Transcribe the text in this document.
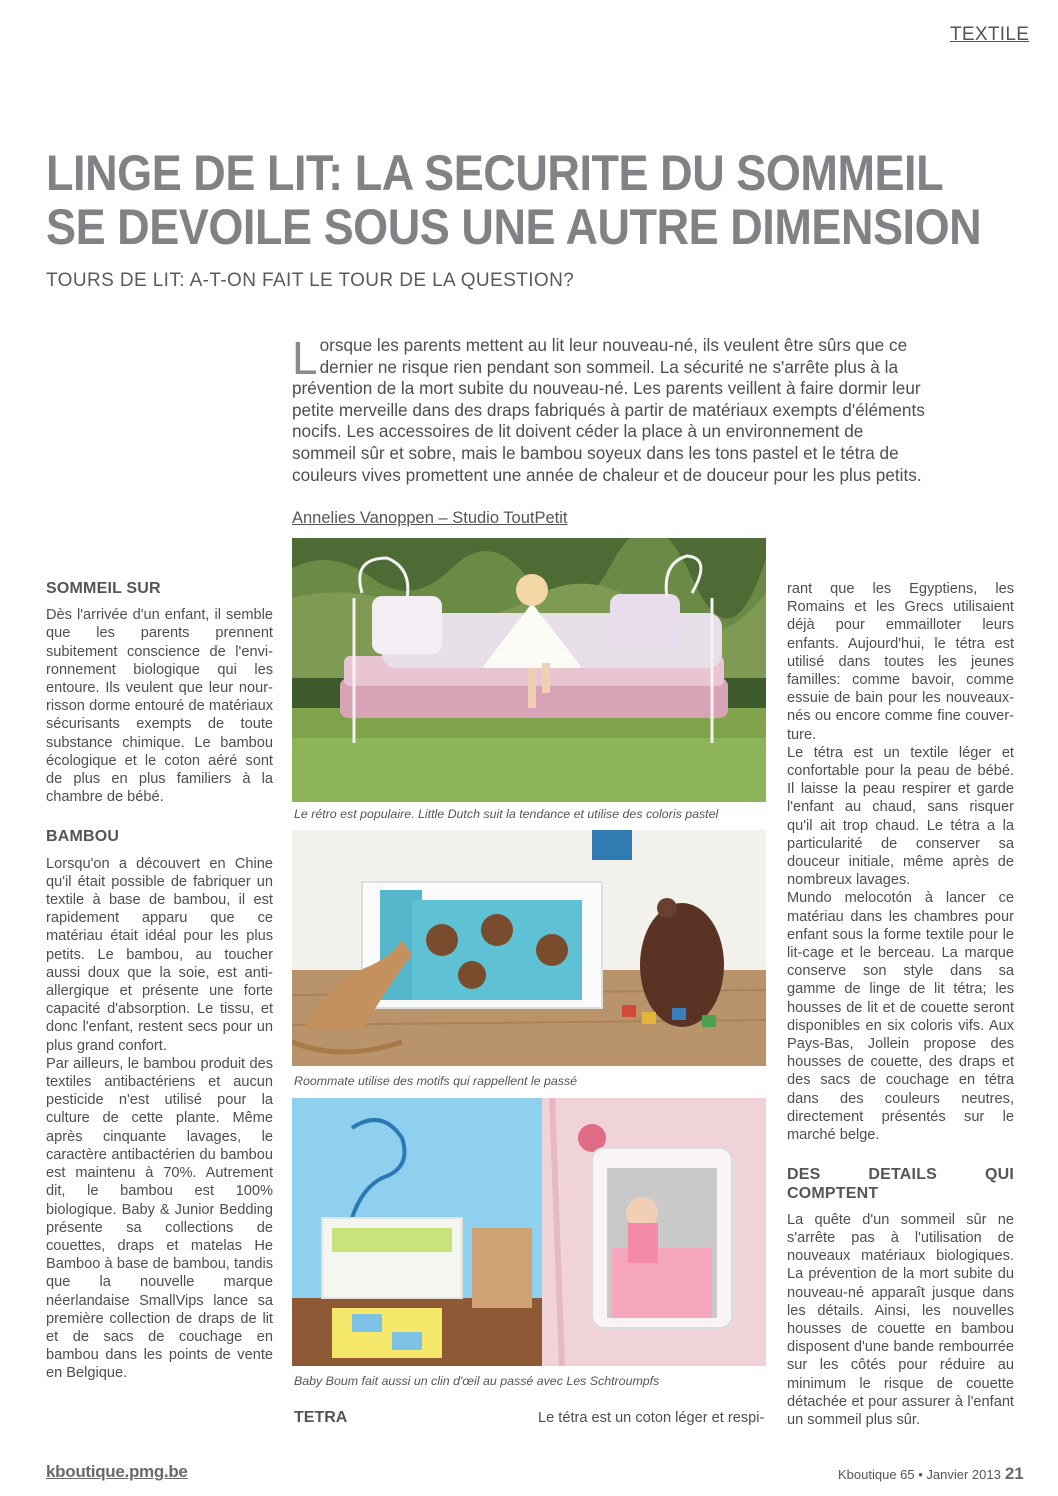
TEXTILE
LINGE DE LIT: LA SECURITE DU SOMMEIL
SE DEVOILE SOUS UNE AUTRE DIMENSION
TOURS DE LIT: A-T-ON FAIT LE TOUR DE LA QUESTION?
Lorsque les parents mettent au lit leur nouveau-né, ils veulent être sûrs que ce dernier ne risque rien pendant son sommeil. La sécurité ne s'arrête plus à la prévention de la mort subite du nouveau-né. Les parents veillent à faire dormir leur petite merveille dans des draps fabriqués à partir de matériaux exempts d'éléments nocifs. Les accessoires de lit doivent céder la place à un environnement de sommeil sûr et sobre, mais le bambou soyeux dans les tons pastel et le tétra de couleurs vives promettent une année de chaleur et de douceur pour les plus petits.
Annelies Vanoppen – Studio ToutPetit
SOMMEIL SUR

Dès l'arrivée d'un enfant, il semble que les parents prennent subitement conscience de l'environnement biologique qui les entoure. Ils veulent que leur nourrisson dorme entouré de matériaux sécurisants exempts de toute substance chimique. Le bambou écologique et le coton aéré sont de plus en plus familiers à la chambre de bébé.

BAMBOU

Lorsqu'on a découvert en Chine qu'il était possible de fabriquer un textile à base de bambou, il est rapidement apparu que ce matériau était idéal pour les plus petits. Le bambou, au toucher aussi doux que la soie, est antiallergique et présente une forte capacité d'absorption. Le tissu, et donc l'enfant, restent secs pour un plus grand confort.

Par ailleurs, le bambou produit des textiles antibactériens et aucun pesticide n'est utilisé pour la culture de cette plante. Même après cinquante lavages, le caractère antibactérien du bambou est maintenu à 70%. Autrement dit, le bambou est 100% biologique. Baby & Junior Bedding présente sa collections de couettes, draps et matelas He Bamboo à base de bambou, tandis que la nouvelle marque néerlandaise SmallVips lance sa première collection de draps de lit et de sacs de couchage en bambou dans les points de vente en Belgique.

Le rétro est populaire. Little Dutch suit la tendance et utilise des coloris pastel
Roommate utilise des motifs qui rappellent le passé
Baby Boum fait aussi un clin d'œil au passé avec Les Schtroumpfs
TETRA	Le tétra est un coton léger et respi-

rant que les Egyptiens, les Romains et les Grecs utilisaient déjà pour emmailloter leurs enfants. Aujourd'hui, le tétra est utilisé dans toutes les jeunes familles: comme bavoir, comme essuie de bain pour les nouveauxnés ou encore comme fine couverture.

Le tétra est un textile léger et confortable pour la peau de bébé. Il laisse la peau respirer et garde l'enfant au chaud, sans risquer qu'il ait trop chaud. Le tétra a la particularité de conserver sa douceur initiale, même après de nombreux lavages.

Mundo melocotón à lancer ce matériau dans les chambres pour enfant sous la forme textile pour le lit-cage et le berceau. La marque conserve son style dans sa gamme de linge de lit tétra; les housses de lit et de couette seront disponibles en six coloris vifs. Aux Pays-Bas, Jollein propose des housses de couette, des draps et des sacs de couchage en tétra dans des couleurs neutres, directement présentés sur le marché belge.

DES DETAILS QUI COMPTENT

La quête d'un sommeil sûr ne s'arrête pas à l'utilisation de nouveaux matériaux biologiques. La prévention de la mort subite du nouveau-né apparaît jusque dans les détails. Ainsi, les nouvelles housses de couette en bambou disposent d'une bande rembourrée sur les côtés pour réduire au minimum le risque de couette détachée et pour assurer à l'enfant un sommeil plus sûr.

kboutique.pmg.be	Kboutique 65 • Janvier 2013 21
